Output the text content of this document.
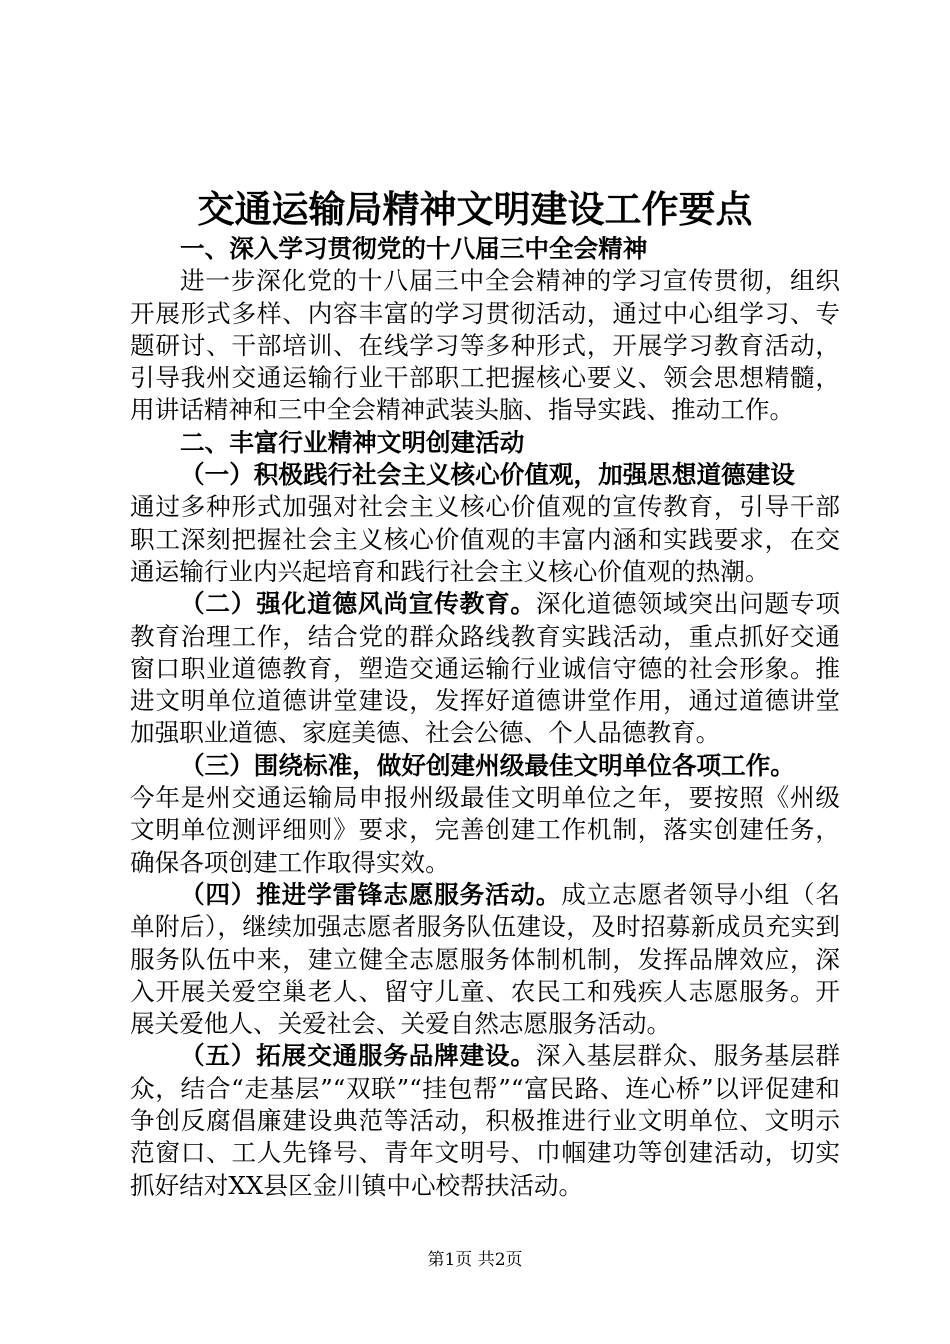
交通运输局精神文明建设工作要点

一、深入学习贯彻党的十八届三中全会精神

进一步深化党的十八届三中全会精神的学习宣传贯彻，组织开展形式多样、内容丰富的学习贯彻活动，通过中心组学习、专题研讨、干部培训、在线学习等多种形式，开展学习教育活动，引导我州交通运输行业干部职工把握核心要义、领会思想精髓，用讲话精神和三中全会精神武装头脑、指导实践、推动工作。

二、丰富行业精神文明创建活动

（一）积极践行社会主义核心价值观，加强思想道德建设

通过多种形式加强对社会主义核心价值观的宣传教育，引导干部职工深刻把握社会主义核心价值观的丰富内涵和实践要求，在交通运输行业内兴起培育和践行社会主义核心价值观的热潮。

（二）强化道德风尚宣传教育。深化道德领域突出问题专项教育治理工作，结合党的群众路线教育实践活动，重点抓好交通窗口职业道德教育，塑造交通运输行业诚信守德的社会形象。推进文明单位道德讲堂建设，发挥好道德讲堂作用，通过道德讲堂加强职业道德、家庭美德、社会公德、个人品德教育。

（三）围绕标准，做好创建州级最佳文明单位各项工作。

今年是州交通运输局申报州级最佳文明单位之年，要按照《州级文明单位测评细则》要求，完善创建工作机制，落实创建任务，确保各项创建工作取得实效。

（四）推进学雷锋志愿服务活动。成立志愿者领导小组（名单附后），继续加强志愿者服务队伍建设，及时招募新成员充实到服务队伍中来，建立健全志愿服务体制机制，发挥品牌效应，深入开展关爱空巢老人、留守儿童、农民工和残疾人志愿服务。开展关爱他人、关爱社会、关爱自然志愿服务活动。

（五）拓展交通服务品牌建设。深入基层群众、服务基层群众，结合“走基层”“双联”“挂包帮”“富民路、连心桥”以评促建和争创反腐倡廉建设典范等活动，积极推进行业文明单位、文明示范窗口、工人先锋号、青年文明号、巾帼建功等创建活动，切实抓好结对XX县区金川镇中心校帮扶活动。

第1页 共2页
